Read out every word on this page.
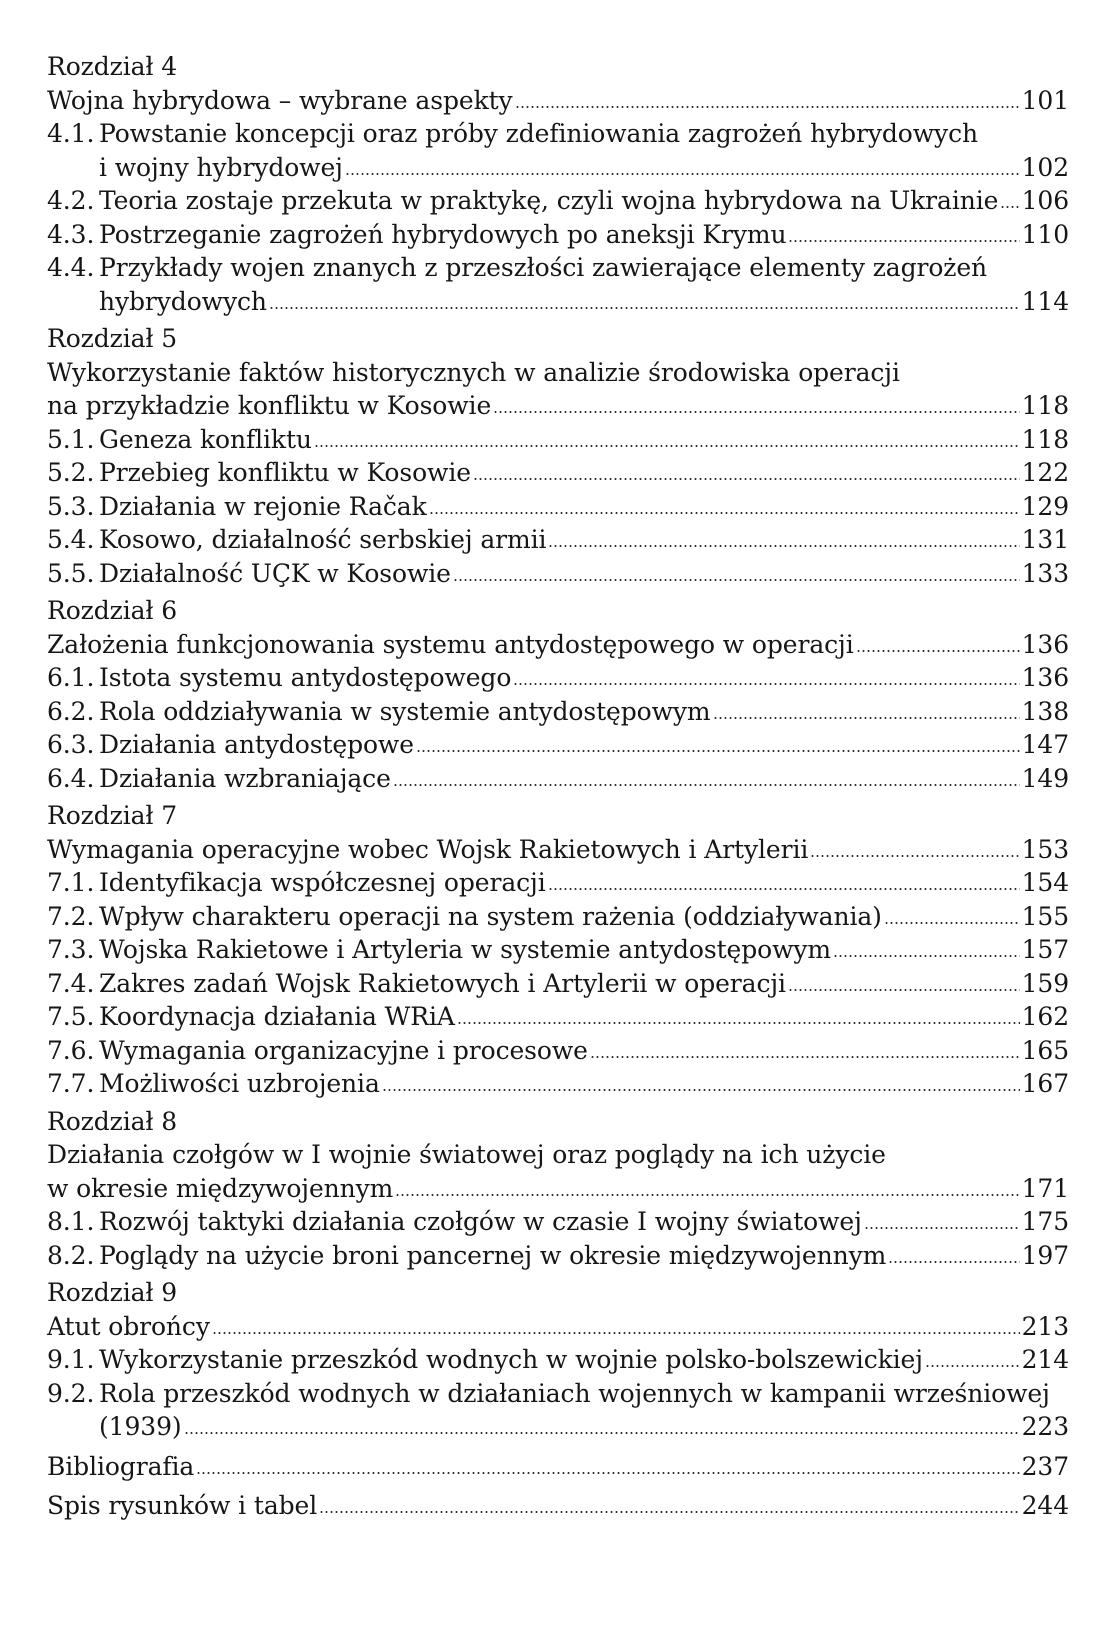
Rozdział 4
Wojna hybrydowa – wybrane aspekty	101
4.1. Powstanie koncepcji oraz próby zdefiniowania zagrożeń hybrydowych
i wojny hybrydowej	102
4.2. Teoria zostaje przekuta w praktykę, czyli wojna hybrydowa na Ukrainie 106
4.3. Postrzeganie zagrożeń hybrydowych po aneksji Krymu	110
4.4. Przykłady wojen znanych z przeszłości zawierające elementy zagrożeń
hybrydowych	114
Rozdział 5
Wykorzystanie faktów historycznych w analizie środowiska operacji
na przykładzie konfliktu w Kosowie	118
5.1. Geneza konfliktu	118
5.2. Przebieg konfliktu w Kosowie	122
5.3. Działania w rejonie Račak	129
5.4. Kosowo, działalność serbskiej armii	131
5.5. Działalność UÇK w Kosowie	133
Rozdział 6
Założenia funkcjonowania systemu antydostępowego w operacji	136
6.1. Istota systemu antydostępowego	136
6.2. Rola oddziaływania w systemie antydostępowym	138
6.3. Działania antydostępowe	147
6.4. Działania wzbraniające	149
Rozdział 7
Wymagania operacyjne wobec Wojsk Rakietowych i Artylerii	153
7.1. Identyfikacja współczesnej operacji	154
7.2. Wpływ charakteru operacji na system rażenia (oddziaływania)	155
7.3. Wojska Rakietowe i Artyleria w systemie antydostępowym	157
7.4. Zakres zadań Wojsk Rakietowych i Artylerii w operacji	159
7.5. Koordynacja działania WRiA	162
7.6. Wymagania organizacyjne i procesowe	165
7.7. Możliwości uzbrojenia	167
Rozdział 8
Działania czołgów w I wojnie światowej oraz poglądy na ich użycie
w okresie międzywojennym	171
8.1. Rozwój taktyki działania czołgów w czasie I wojny światowej	175
8.2. Poglądy na użycie broni pancernej w okresie międzywojennym	197
Rozdział 9
Atut obrońcy	213
9.1. Wykorzystanie przeszkód wodnych w wojnie polsko-bolszewickiej	214
9.2. Rola przeszkód wodnych w działaniach wojennych w kampanii wrześniowej
(1939)	223
Bibliografia	237
Spis rysunków i tabel	244
